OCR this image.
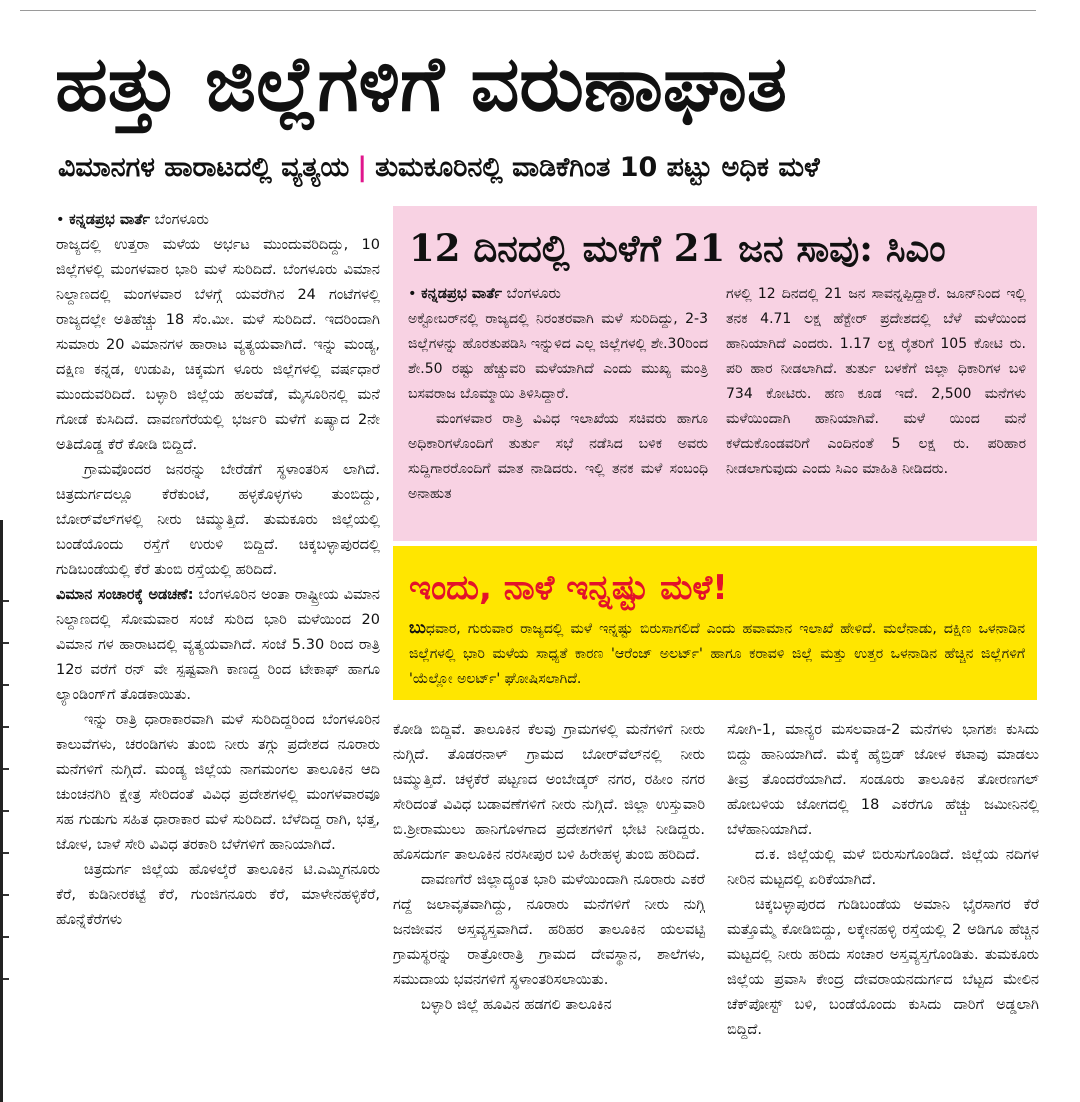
ಹತ್ತು ಜಿಲ್ಲೆಗಳಿಗೆ ವರುಣಾಘಾತ
ವಿಮಾನಗಳ ಹಾರಾಟದಲ್ಲಿ ವ್ಯತ್ಯಯ | ತುಮಕೂರಿನಲ್ಲಿ ವಾಡಿಕೆಗಿಂತ 10 ಪಟ್ಟು ಅಧಿಕ ಮಳೆ
• ಕನ್ನಡಪ್ರಭ ವಾರ್ತೆ ಬೆಂಗಳೂರು

ರಾಜ್ಯದಲ್ಲಿ ಉತ್ತರಾ ಮಳೆಯ ಅರ್ಭಟ ಮುಂದುವರಿದಿದ್ದು, 10 ಜಿಲ್ಲೆಗಳಲ್ಲಿ ಮಂಗಳವಾರ ಭಾರಿ ಮಳೆ ಸುರಿದಿದೆ. ಬೆಂಗಳೂರು ವಿಮಾನ ನಿಲ್ದಾಣದಲ್ಲಿ ಮಂಗಳವಾರ ಬೆಳಗ್ಗೆ ಯವರೆಗಿನ 24 ಗಂಟೆಗಳಲ್ಲಿ ರಾಜ್ಯದಲ್ಲೇ ಅತಿಹೆಚ್ಚು 18 ಸೆಂ.ಮೀ. ಮಳೆ ಸುರಿದಿದೆ. ಇದರಿಂದಾಗಿ ಸುಮಾರು 20 ವಿಮಾನಗಳ ಹಾರಾಟ ವ್ಯತ್ಯಯವಾಗಿದೆ. ಇನ್ನು ಮಂಡ್ಯ, ದಕ್ಷಿಣ ಕನ್ನಡ, ಉಡುಪಿ, ಚಿಕ್ಕಮಗ ಳೂರು ಜಿಲ್ಲೆಗಳಲ್ಲಿ ವರ್ಷಧಾರೆ ಮುಂದುವರಿದಿದೆ. ಬಳ್ಳಾರಿ ಜಿಲ್ಲೆಯ ಹಲವೆಡೆ, ಮೈಸೂರಿನಲ್ಲಿ ಮನೆ ಗೋಡೆ ಕುಸಿದಿದೆ. ದಾವಣಗೆರೆಯಲ್ಲಿ ಭರ್ಜರಿ ಮಳೆಗೆ ಏಷ್ಯಾದ 2ನೇ ಅತಿದೊಡ್ಡ ಕೆರೆ ಕೋಡಿ ಬಿದ್ದಿದೆ.

ಗ್ರಾಮವೊಂದರ ಜನರನ್ನು ಬೇರೆಡೆಗೆ ಸ್ಥಳಾಂತರಿಸ ಲಾಗಿದೆ. ಚಿತ್ರದುರ್ಗದಲ್ಲೂ ಕೆರೆಕುಂಟೆ, ಹಳ್ಳಕೊಳ್ಳಗಳು ತುಂಬಿದ್ದು, ಬೋರ್‌ವೆಲ್‌ಗಳಲ್ಲಿ ನೀರು ಚಿಮ್ಮುತ್ತಿದೆ. ತುಮಕೂರು ಜಿಲ್ಲೆಯಲ್ಲಿ ಬಂಡೆಯೊಂದು ರಸ್ತೆಗೆ ಉರುಳಿ ಬಿದ್ದಿದೆ. ಚಿಕ್ಕಬಳ್ಳಾಪುರದಲ್ಲಿ ಗುಡಿಬಂಡೆಯಲ್ಲಿ ಕೆರೆ ತುಂಬಿ ರಸ್ತೆಯಲ್ಲಿ ಹರಿದಿದೆ.

ವಿಮಾನ ಸಂಚಾರಕ್ಕೆ ಅಡಚಣೆ: ಬೆಂಗಳೂರಿನ ಅಂತಾ ರಾಷ್ಟ್ರೀಯ ವಿಮಾನ ನಿಲ್ದಾಣದಲ್ಲಿ ಸೋಮವಾರ ಸಂಜೆ ಸುರಿದ ಭಾರಿ ಮಳೆಯಿಂದ 20 ವಿಮಾನ ಗಳ ಹಾರಾಟದಲ್ಲಿ ವ್ಯತ್ಯಯವಾಗಿದೆ. ಸಂಜೆ 5.30 ರಿಂದ ರಾತ್ರಿ 12ರ ವರೆಗೆ ರನ್ ವೇ ಸ್ಪಷ್ಟವಾಗಿ ಕಾಣದ್ದ ರಿಂದ ಟೇಕಾಫ್ ಹಾಗೂ ಲ್ಯಾಂಡಿಂಗ್‌ಗೆ ತೊಡಕಾಯಿತು.

ಇನ್ನು ರಾತ್ರಿ ಧಾರಾಕಾರವಾಗಿ ಮಳೆ ಸುರಿದಿದ್ದರಿಂದ ಬೆಂಗಳೂರಿನ ಕಾಲುವೆಗಳು, ಚರಂಡಿಗಳು ತುಂಬಿ ನೀರು ತಗ್ಗು ಪ್ರದೇಶದ ನೂರಾರು ಮನೆಗಳಿಗೆ ನುಗ್ಗಿದೆ. ಮಂಡ್ಯ ಜಿಲ್ಲೆಯ ನಾಗಮಂಗಲ ತಾಲೂಕಿನ ಆದಿ ಚುಂಚನಗಿರಿ ಕ್ಷೇತ್ರ ಸೇರಿದಂತೆ ವಿವಿಧ ಪ್ರದೇಶಗಳಲ್ಲಿ ಮಂಗಳವಾರವೂ ಸಹ ಗುಡುಗು ಸಹಿತ ಧಾರಾಕಾರ ಮಳೆ ಸುರಿದಿದೆ. ಬೆಳೆದಿದ್ದ ರಾಗಿ, ಭತ್ತ, ಜೋಳ, ಬಾಳೆ ಸೇರಿ ವಿವಿಧ ತರಕಾರಿ ಬೆಳೆಗಳಿಗೆ ಹಾನಿಯಾಗಿದೆ.

ಚಿತ್ರದುರ್ಗ ಜಿಲ್ಲೆಯ ಹೊಳಲ್ಕೆರೆ ತಾಲೂಕಿನ ಟಿ.ಎಮ್ಮಿಗನೂರು ಕೆರೆ, ಕುಡಿನೀರಕಟ್ಟೆ ಕೆರೆ, ಗುಂಜಿಗನೂರು ಕೆರೆ, ಮಾಳೇನಹಳ್ಳಿಕೆರೆ, ಹೊನ್ನೆಕೆರೆಗಳು

12 ದಿನದಲ್ಲಿ ಮಳೆಗೆ 21 ಜನ ಸಾವು: ಸಿಎಂ
• ಕನ್ನಡಪ್ರಭ ವಾರ್ತೆ ಬೆಂಗಳೂರು

ಅಕ್ಟೋಬರ್‌ನಲ್ಲಿ ರಾಜ್ಯದಲ್ಲಿ ನಿರಂತರವಾಗಿ ಮಳೆ ಸುರಿದಿದ್ದು, 2-3 ಜಿಲ್ಲೆಗಳನ್ನು ಹೊರತುಪಡಿಸಿ ಇನ್ನುಳಿದ ಎಲ್ಲ ಜಿಲ್ಲೆಗಳಲ್ಲಿ ಶೇ.30ರಿಂದ ಶೇ.50 ರಷ್ಟು ಹೆಚ್ಚುವರಿ ಮಳೆಯಾಗಿದೆ ಎಂದು ಮುಖ್ಯ ಮಂತ್ರಿ ಬಸವರಾಜ ಬೊಮ್ಮಾಯಿ ತಿಳಿಸಿದ್ದಾರೆ.

ಮಂಗಳವಾರ ರಾತ್ರಿ ವಿವಿಧ ಇಲಾಖೆಯ ಸಚಿವರು ಹಾಗೂ ಅಧಿಕಾರಿಗಳೊಂದಿಗೆ ತುರ್ತು ಸಭೆ ನಡೆಸಿದ ಬಳಿಕ ಅವರು ಸುದ್ದಿಗಾರರೊಂದಿಗೆ ಮಾತ ನಾಡಿದರು. ಇಲ್ಲಿ ತನಕ ಮಳೆ ಸಂಬಂಧಿ ಅನಾಹುತ

ಗಳಲ್ಲಿ 12 ದಿನದಲ್ಲಿ 21 ಜನ ಸಾವನ್ನಪ್ಪಿದ್ದಾರೆ. ಜೂನ್‌ನಿಂದ ಇಲ್ಲಿ ತನಕ 4.71 ಲಕ್ಷ ಹೆಕ್ಟೇರ್ ಪ್ರದೇಶದಲ್ಲಿ ಬೆಳೆ ಮಳೆಯಿಂದ ಹಾನಿಯಾಗಿದೆ ಎಂದರು. 1.17 ಲಕ್ಷ ರೈತರಿಗೆ 105 ಕೋಟಿ ರು. ಪರಿ ಹಾರ ನೀಡಲಾಗಿದೆ. ತುರ್ತು ಬಳಕೆಗೆ ಜಿಲ್ಲಾ ಧಿಕಾರಿಗಳ ಬಳಿ 734 ಕೋಟಿರು. ಹಣ ಕೂಡ ಇದೆ. 2,500 ಮನೆಗಳು ಮಳೆಯಿಂದಾಗಿ ಹಾನಿಯಾಗಿವೆ. ಮಳೆ ಯಿಂದ ಮನೆ ಕಳೆದುಕೊಂಡವರಿಗೆ ಎಂದಿನಂತೆ 5 ಲಕ್ಷ ರು. ಪರಿಹಾರ ನೀಡಲಾಗುವುದು ಎಂದು ಸಿಎಂ ಮಾಹಿತಿ ನೀಡಿದರು.

ಇಂದು, ನಾಳೆ ಇನ್ನಷ್ಟು ಮಳೆ!
ಬುಧವಾರ, ಗುರುವಾರ ರಾಜ್ಯದಲ್ಲಿ ಮಳೆ ಇನ್ನಷ್ಟು ಬಿರುಸಾಗಲಿದೆ ಎಂದು ಹವಾಮಾನ ಇಲಾಖೆ ಹೇಳಿದೆ. ಮಲೆನಾಡು, ದಕ್ಷಿಣ ಒಳನಾಡಿನ ಜಿಲ್ಲೆಗಳಲ್ಲಿ ಭಾರಿ ಮಳೆಯ ಸಾಧ್ಯತೆ ಕಾರಣ 'ಆರೆಂಜ್ ಅಲರ್ಟ್' ಹಾಗೂ ಕರಾವಳಿ ಜಿಲ್ಲೆ ಮತ್ತು ಉತ್ತರ ಒಳನಾಡಿನ ಹೆಚ್ಚಿನ ಜಿಲ್ಲೆಗಳಿಗೆ 'ಯೆಲ್ಲೋ ಅಲರ್ಟ್' ಘೋಷಿಸಲಾಗಿದೆ.

ಕೋಡಿ ಬಿದ್ದಿವೆ. ತಾಲೂಕಿನ ಕೆಲವು ಗ್ರಾಮಗಳಲ್ಲಿ ಮನೆಗಳಿಗೆ ನೀರು ನುಗ್ಗಿದೆ. ತೊಡರನಾಳ್ ಗ್ರಾಮದ ಬೋರ್‌ವೆಲ್‌ನಲ್ಲಿ ನೀರು ಚಿಮ್ಮುತ್ತಿದೆ. ಚಳ್ಳಕೆರೆ ಪಟ್ಟಣದ ಅಂಬೇಡ್ಕರ್ ನಗರ, ರಹೀಂ ನಗರ ಸೇರಿದಂತೆ ವಿವಿಧ ಬಡಾವಣೆಗಳಿಗೆ ನೀರು ನುಗ್ಗಿದೆ. ಜಿಲ್ಲಾ ಉಸ್ತುವಾರಿ ಬಿ.ಶ್ರೀರಾಮುಲು ಹಾನಿಗೊಳಗಾದ ಪ್ರದೇಶಗಳಿಗೆ ಭೇಟಿ ನೀಡಿದ್ದರು. ಹೊಸದುರ್ಗ ತಾಲೂಕಿನ ನರಸೀಪುರ ಬಳಿ ಹಿರೇಹಳ್ಳ ತುಂಬಿ ಹರಿದಿದೆ.

ದಾವಣಗೆರೆ ಜಿಲ್ಲಾದ್ಯಂತ ಭಾರಿ ಮಳೆಯಿಂದಾಗಿ ನೂರಾರು ಎಕರೆ ಗದ್ದೆ ಜಲಾವೃತವಾಗಿದ್ದು, ನೂರಾರು ಮನೆಗಳಿಗೆ ನೀರು ನುಗ್ಗಿ ಜನಜೀವನ ಅಸ್ತವ್ಯಸ್ತವಾಗಿದೆ. ಹರಿಹರ ತಾಲೂಕಿನ ಯಲವಟ್ಟಿ ಗ್ರಾಮಸ್ಥರನ್ನು ರಾತ್ರೋರಾತ್ರಿ ಗ್ರಾಮದ ದೇವಸ್ಥಾನ, ಶಾಲೆಗಳು, ಸಮುದಾಯ ಭವನಗಳಿಗೆ ಸ್ಥಳಾಂತರಿಸಲಾಯಿತು.

ಬಳ್ಳಾರಿ ಜಿಲ್ಲೆ ಹೂವಿನ ಹಡಗಲಿ ತಾಲೂಕಿನ

ಸೋಗಿ-1, ಮಾನ್ಯರ ಮಸಲವಾಡ-2 ಮನೆಗಳು ಭಾಗಶಃ ಕುಸಿದು ಬಿದ್ದು ಹಾನಿಯಾಗಿದೆ. ಮೆಕ್ಕೆ ಹೈಬ್ರಿಡ್ ಜೋಳ ಕಟಾವು ಮಾಡಲು ತೀವ್ರ ತೊಂದರೆಯಾಗಿದೆ. ಸಂಡೂರು ತಾಲೂಕಿನ ತೋರಣಗಲ್ ಹೋಬಳಿಯ ಜೋಗದಲ್ಲಿ 18 ಎಕರೆಗೂ ಹೆಚ್ಚು ಜಮೀನಿನಲ್ಲಿ ಬೆಳೆಹಾನಿಯಾಗಿದೆ.

ದ.ಕ. ಜಿಲ್ಲೆಯಲ್ಲಿ ಮಳೆ ಬಿರುಸುಗೊಂಡಿದೆ. ಜಿಲ್ಲೆಯ ನದಿಗಳ ನೀರಿನ ಮಟ್ಟದಲ್ಲಿ ಏರಿಕೆಯಾಗಿದೆ.

ಚಿಕ್ಕಬಳ್ಳಾಪುರದ ಗುಡಿಬಂಡೆಯ ಅಮಾನಿ ಭೈರಸಾಗರ ಕೆರೆ ಮತ್ತೊಮ್ಮೆ ಕೋಡಿಬಿದ್ದು, ಲಕ್ಕೇನಹಳ್ಳಿ ರಸ್ತೆಯಲ್ಲಿ 2 ಅಡಿಗೂ ಹೆಚ್ಚಿನ ಮಟ್ಟದಲ್ಲಿ ನೀರು ಹರಿದು ಸಂಚಾರ ಅಸ್ತವ್ಯಸ್ತಗೊಂಡಿತು. ತುಮಕೂರು ಜಿಲ್ಲೆಯ ಪ್ರವಾಸಿ ಕೇಂದ್ರ ದೇವರಾಯನದುರ್ಗದ ಬೆಟ್ಟದ ಮೇಲಿನ ಚೆಕ್‌ಪೋಸ್ಟ್ ಬಳಿ, ಬಂಡೆಯೊಂದು ಕುಸಿದು ದಾರಿಗೆ ಅಡ್ಡಲಾಗಿ ಬಿದ್ದಿದೆ.
